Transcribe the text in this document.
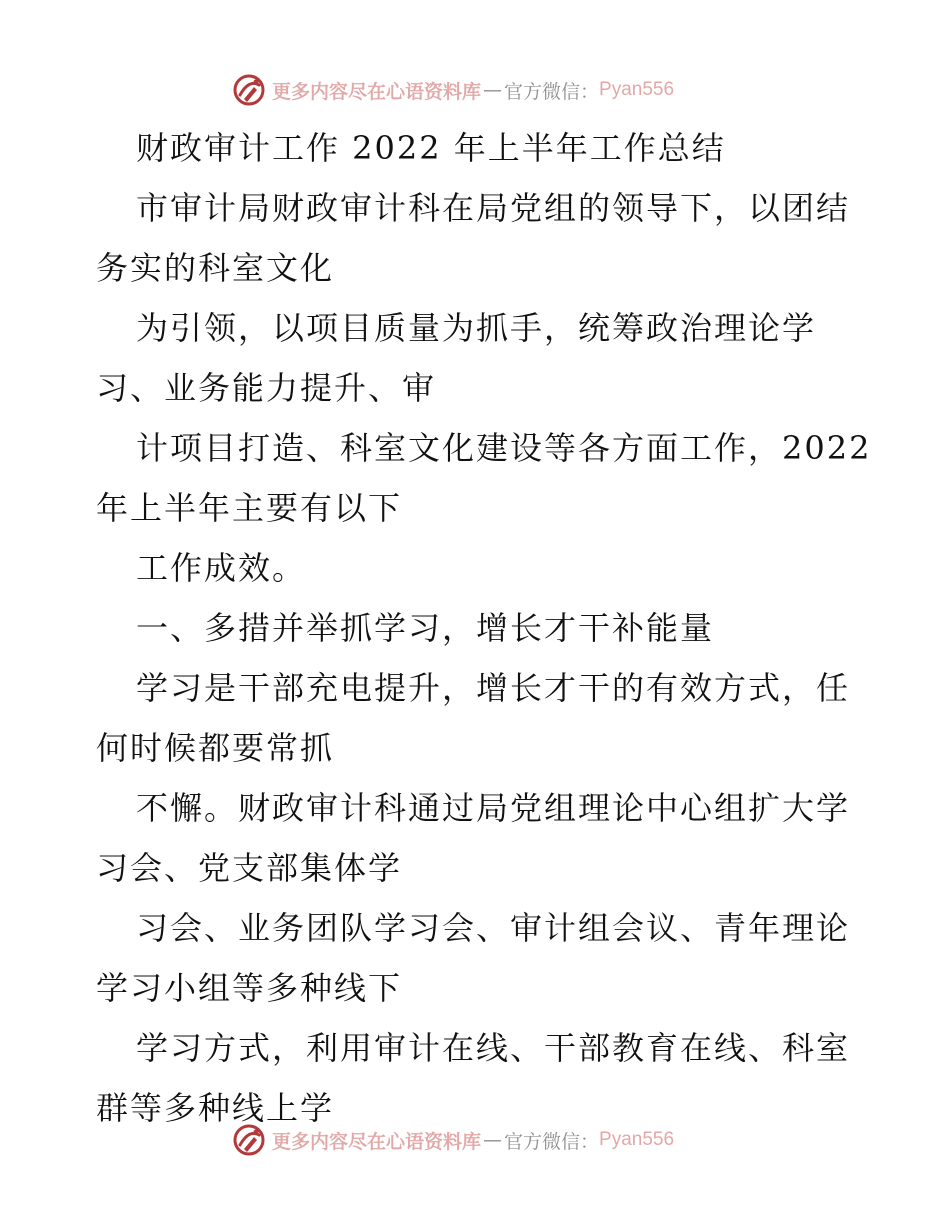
更多内容尽在心语资料库 — 官方微信： Pyan556
财政审计工作 2022 年上半年工作总结
市审计局财政审计科在局党组的领导下，以团结
务实的科室文化
为引领，以项目质量为抓手，统筹政治理论学
习、业务能力提升、审
计项目打造、科室文化建设等各方面工作，2022
年上半年主要有以下
工作成效。
一、多措并举抓学习，增长才干补能量
学习是干部充电提升，增长才干的有效方式，任
何时候都要常抓
不懈。财政审计科通过局党组理论中心组扩大学
习会、党支部集体学
习会、业务团队学习会、审计组会议、青年理论
学习小组等多种线下
学习方式，利用审计在线、干部教育在线、科室
群等多种线上学
更多内容尽在心语资料库 — 官方微信： Pyan556
